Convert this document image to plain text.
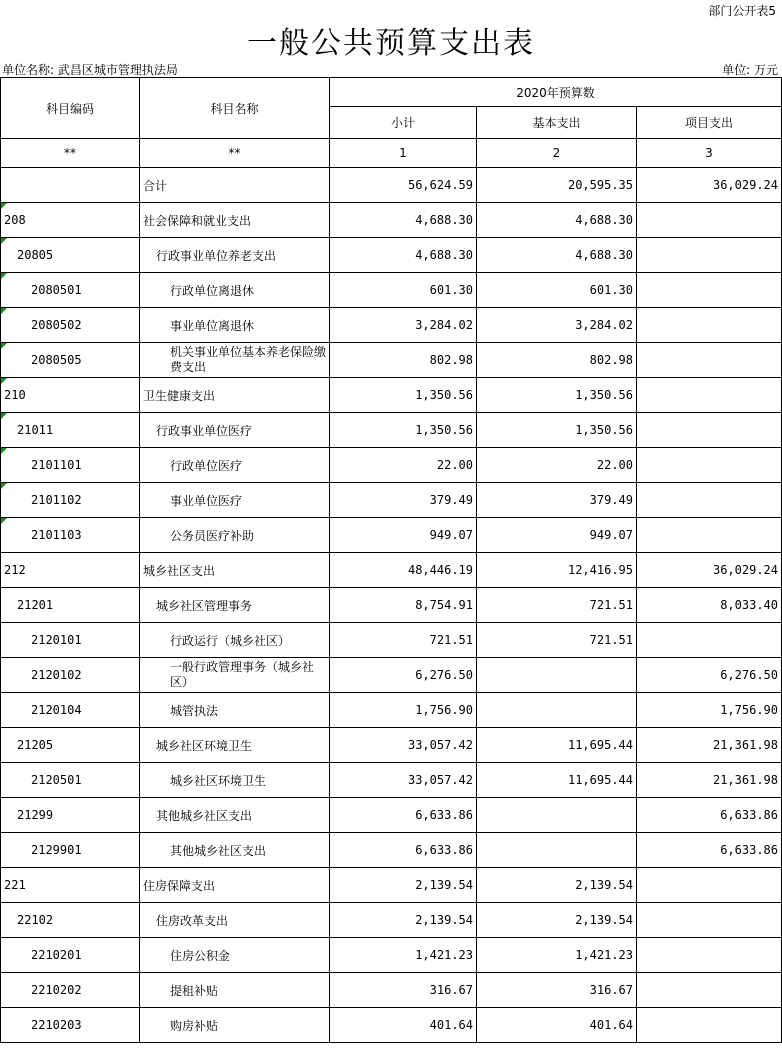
部门公开表5
一般公共预算支出表
单位名称: 武昌区城市管理执法局	单位: 万元
科目编码	科目名称	2020年预算数		
		小计	基本支出	项目支出
**	**	1	2	3
	合计	56,624.59	20,595.35	36,029.24

208	社会保障和就业支出	4,688.30	4,688.30	

20805	行政事业单位养老支出	4,688.30	4,688.30	

2080501	行政单位离退休	601.30	601.30	

2080502	事业单位离退休	3,284.02	3,284.02	

2080505	机关事业单位基本养老保险缴费支出	802.98	802.98	

210	卫生健康支出	1,350.56	1,350.56	

21011	行政事业单位医疗	1,350.56	1,350.56	

2101101	行政单位医疗	22.00	22.00	

2101102	事业单位医疗	379.49	379.49	

2101103	公务员医疗补助	949.07	949.07	
212	城乡社区支出	48,446.19	12,416.95	36,029.24
21201	城乡社区管理事务	8,754.91	721.51	8,033.40
2120101	行政运行（城乡社区）	721.51	721.51	
2120102	一般行政管理事务（城乡社区）	6,276.50		6,276.50
2120104	城管执法	1,756.90		1,756.90
21205	城乡社区环境卫生	33,057.42	11,695.44	21,361.98
2120501	城乡社区环境卫生	33,057.42	11,695.44	21,361.98
21299	其他城乡社区支出	6,633.86		6,633.86
2129901	其他城乡社区支出	6,633.86		6,633.86
221	住房保障支出	2,139.54	2,139.54	
22102	住房改革支出	2,139.54	2,139.54	
2210201	住房公积金	1,421.23	1,421.23	
2210202	提租补贴	316.67	316.67	
2210203	购房补贴	401.64	401.64	
